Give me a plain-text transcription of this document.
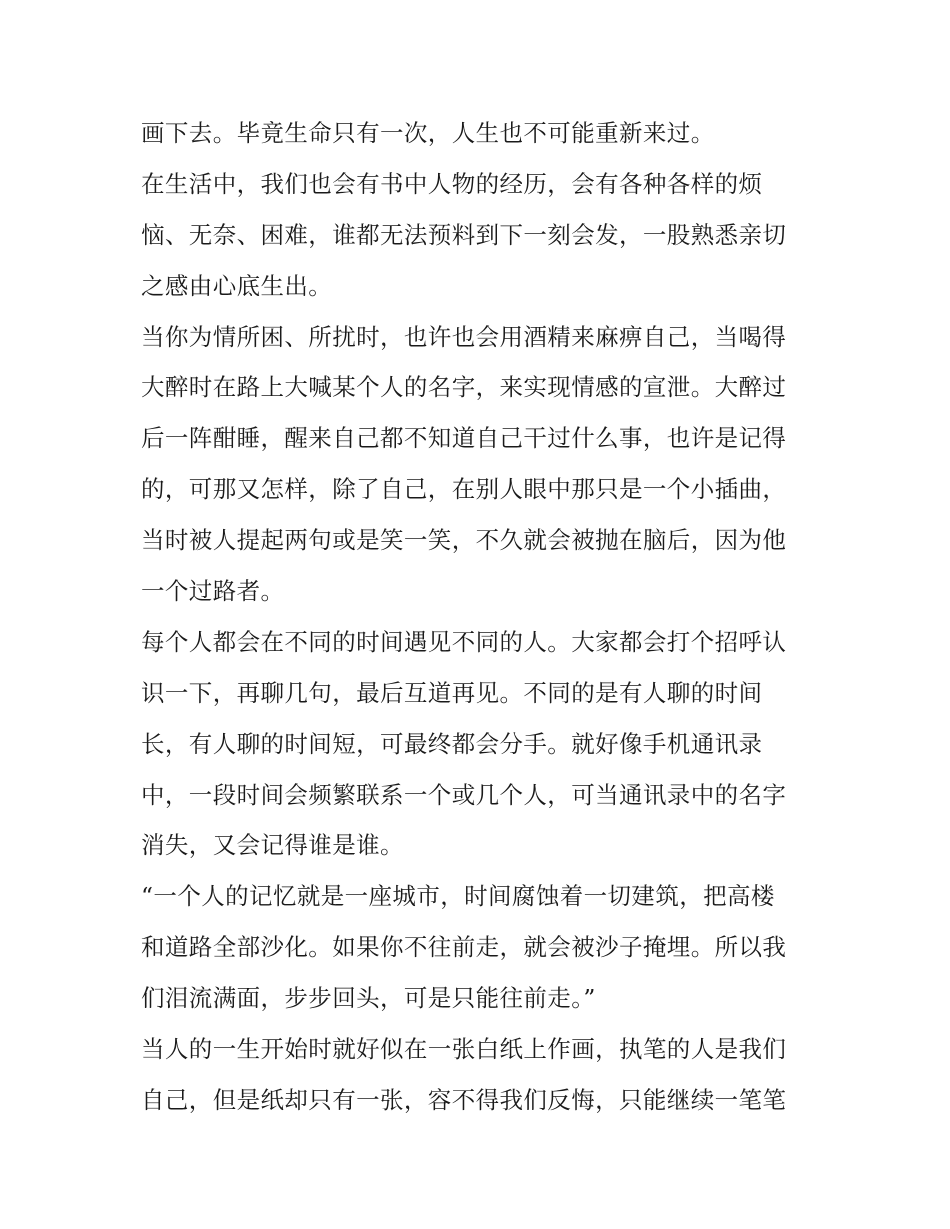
画下去。毕竟生命只有一次，人生也不可能重新来过。
在生活中，我们也会有书中人物的经历，会有各种各样的烦
恼、无奈、困难，谁都无法预料到下一刻会发，一股熟悉亲切
之感由心底生出。
当你为情所困、所扰时，也许也会用酒精来麻痹自己，当喝得
大醉时在路上大喊某个人的名字，来实现情感的宣泄。大醉过
后一阵酣睡，醒来自己都不知道自己干过什么事，也许是记得
的，可那又怎样，除了自己，在别人眼中那只是一个小插曲，
当时被人提起两句或是笑一笑，不久就会被抛在脑后，因为他
一个过路者。
每个人都会在不同的时间遇见不同的人。大家都会打个招呼认
识一下，再聊几句，最后互道再见。不同的是有人聊的时间
长，有人聊的时间短，可最终都会分手。就好像手机通讯录
中，一段时间会频繁联系一个或几个人，可当通讯录中的名字
消失，又会记得谁是谁。
“一个人的记忆就是一座城市，时间腐蚀着一切建筑，把高楼
和道路全部沙化。如果你不往前走，就会被沙子掩埋。所以我
们泪流满面，步步回头，可是只能往前走。”
当人的一生开始时就好似在一张白纸上作画，执笔的人是我们
自己，但是纸却只有一张，容不得我们反悔，只能继续一笔笔
